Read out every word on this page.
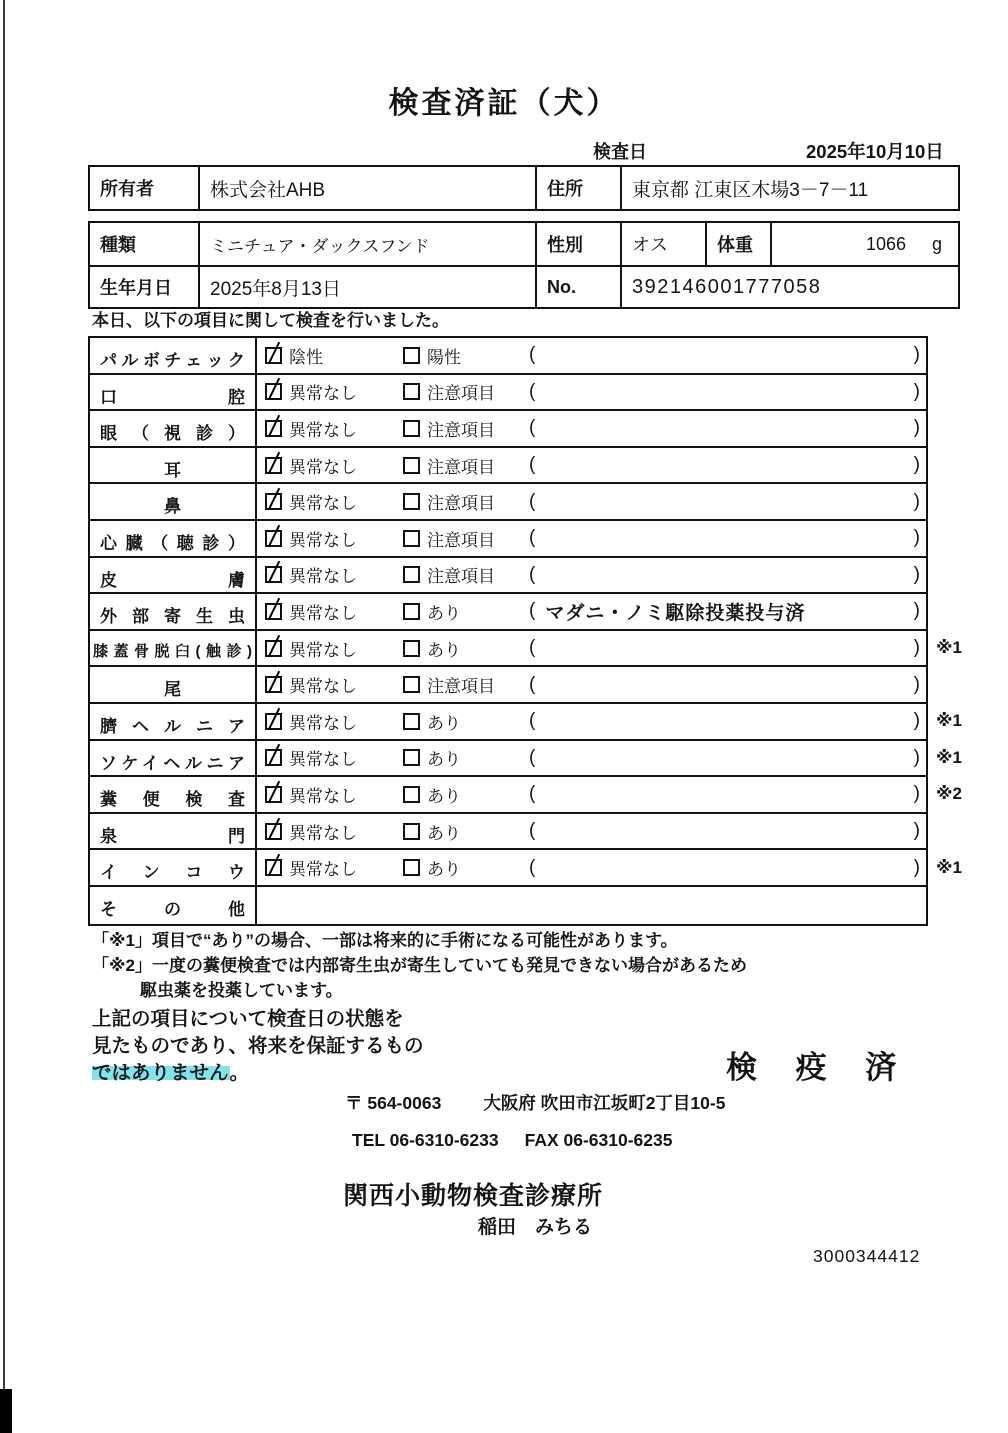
検査済証（犬）
検査日	2025年10月10日
所有者	株式会社AHB	住所	東京都 江東区木場3－7－11
種類	ミニチュア・ダックスフンド	性別	オス	体重	1066 g
生年月日	2025年8月13日	No.	392146001777058
本日、以下の項目に関して検査を行いました。
パルボチェック	陰性	陽性	(	)
口腔	異常なし	注意項目 (	)
眼（視診）	異常なし	注意項目 (	)
耳	異常なし	注意項目 (	)
鼻	異常なし	注意項目 (	)
心臓（聴診）	異常なし	注意項目 (	)
皮膚	異常なし	注意項目 (	)
外部寄生虫	異常なし	あり	( マダニ・ノミ駆除投薬投与済	)
膝蓋骨脱臼(触診) 異常なし	あり	(	) ※1
尾	異常なし	注意項目 (	)
臍ヘルニア	異常なし	あり	(	) ※1
ソケイヘルニア	異常なし	あり	(	) ※1
糞便検査	異常なし	あり	(	) ※2
泉門	異常なし	あり	(	)
インコウ	異常なし	あり	(	) ※1
その他
「※1」項目で“あり”の場合、一部は将来的に手術になる可能性があります。
「※2」一度の糞便検査では内部寄生虫が寄生していても発見できない場合があるため
駆虫薬を投薬しています。
上記の項目について検査日の状態を
見たものであり、将来を保証するもの
ではありません。	検 疫 済
〒 564-0063 大阪府 吹田市江坂町2丁目10-5
TEL 06-6310-6233 FAX 06-6310-6235
関西小動物検査診療所
稲田　みちる
3000344412
